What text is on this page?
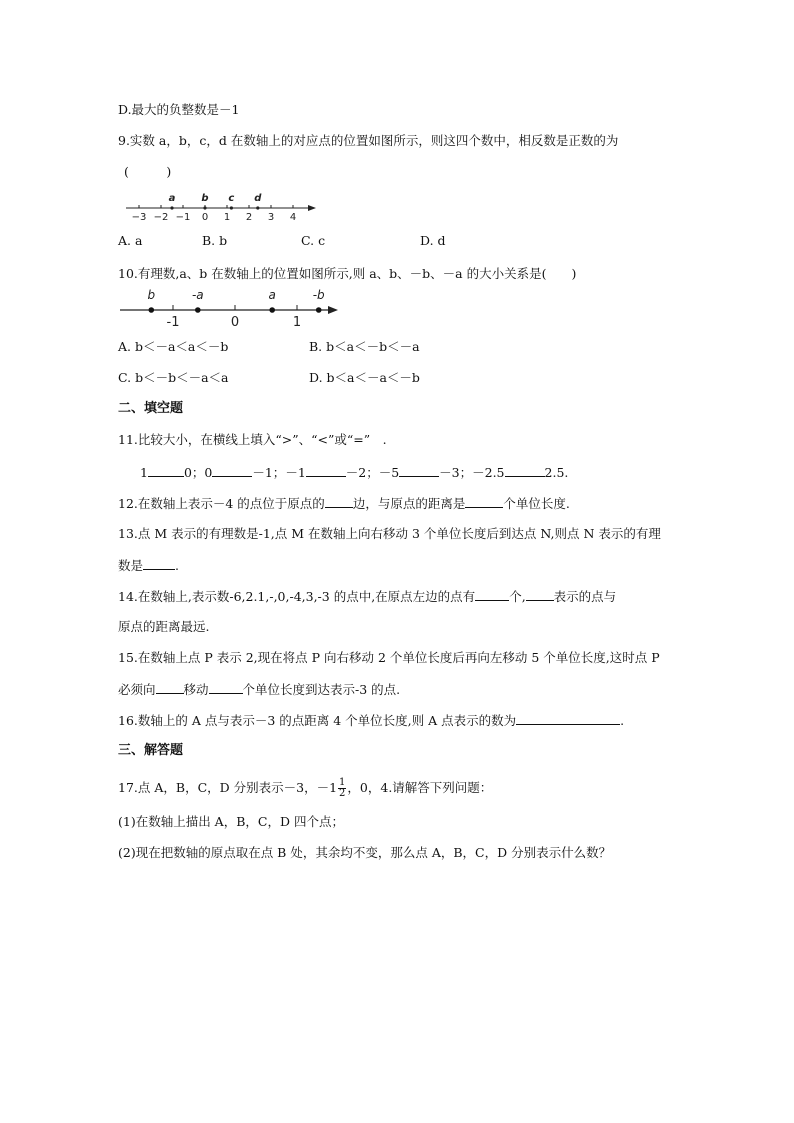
D.最大的负整数是－1
9.实数 a，b，c，d 在数轴上的对应点的位置如图所示，则这四个数中，相反数是正数的为
(　　　)
−3 −2 −1 0 1 2 3 4
a	b c d
A. a	B. b	C. c	D. d
10.有理数,a、b 在数轴上的位置如图所示,则 a、b、－b、－a 的大小关系是(　　)
-1	0	1
b	-a	a	-b
A. b＜－a＜a＜－b	B. b＜a＜－b＜－a
C. b＜－b＜－a＜a	D. b＜a＜－a＜－b
二、填空题
11.比较大小，在横线上填入“>”、“<”或“=”　.
1	0；0	－1；－1	－2；－5	－3；－2.5	2.5.
12.在数轴上表示－4 的点位于原点的 边，与原点的距离是	个单位长度.
13.点 M 表示的有理数是-1,点 M 在数轴上向右移动 3 个单位长度后到达点 N,则点 N 表示的有理
数是	.
14.在数轴上,表示数-6,2.1,-,0,-4,3,-3 的点中,在原点左边的点有	个, 表示的点与
原点的距离最远.
15.在数轴上点 P 表示 2,现在将点 P 向右移动 2 个单位长度后再向左移动 5 个单位长度,这时点 P
必须向 移动	个单位长度到达表示-3 的点.
16.数轴上的 A 点与表示－3 的点距离 4 个单位长度,则 A 点表示的数为	.
三、解答题
17.点 A，B，C，D 分别表示－3，$-1 \frac{1}{2}$ ，0，4.请解答下列问题：
(1)在数轴上描出 A，B，C，D 四个点；
(2)现在把数轴的原点取在点 B 处，其余均不变，那么点 A，B，C，D 分别表示什么数？
